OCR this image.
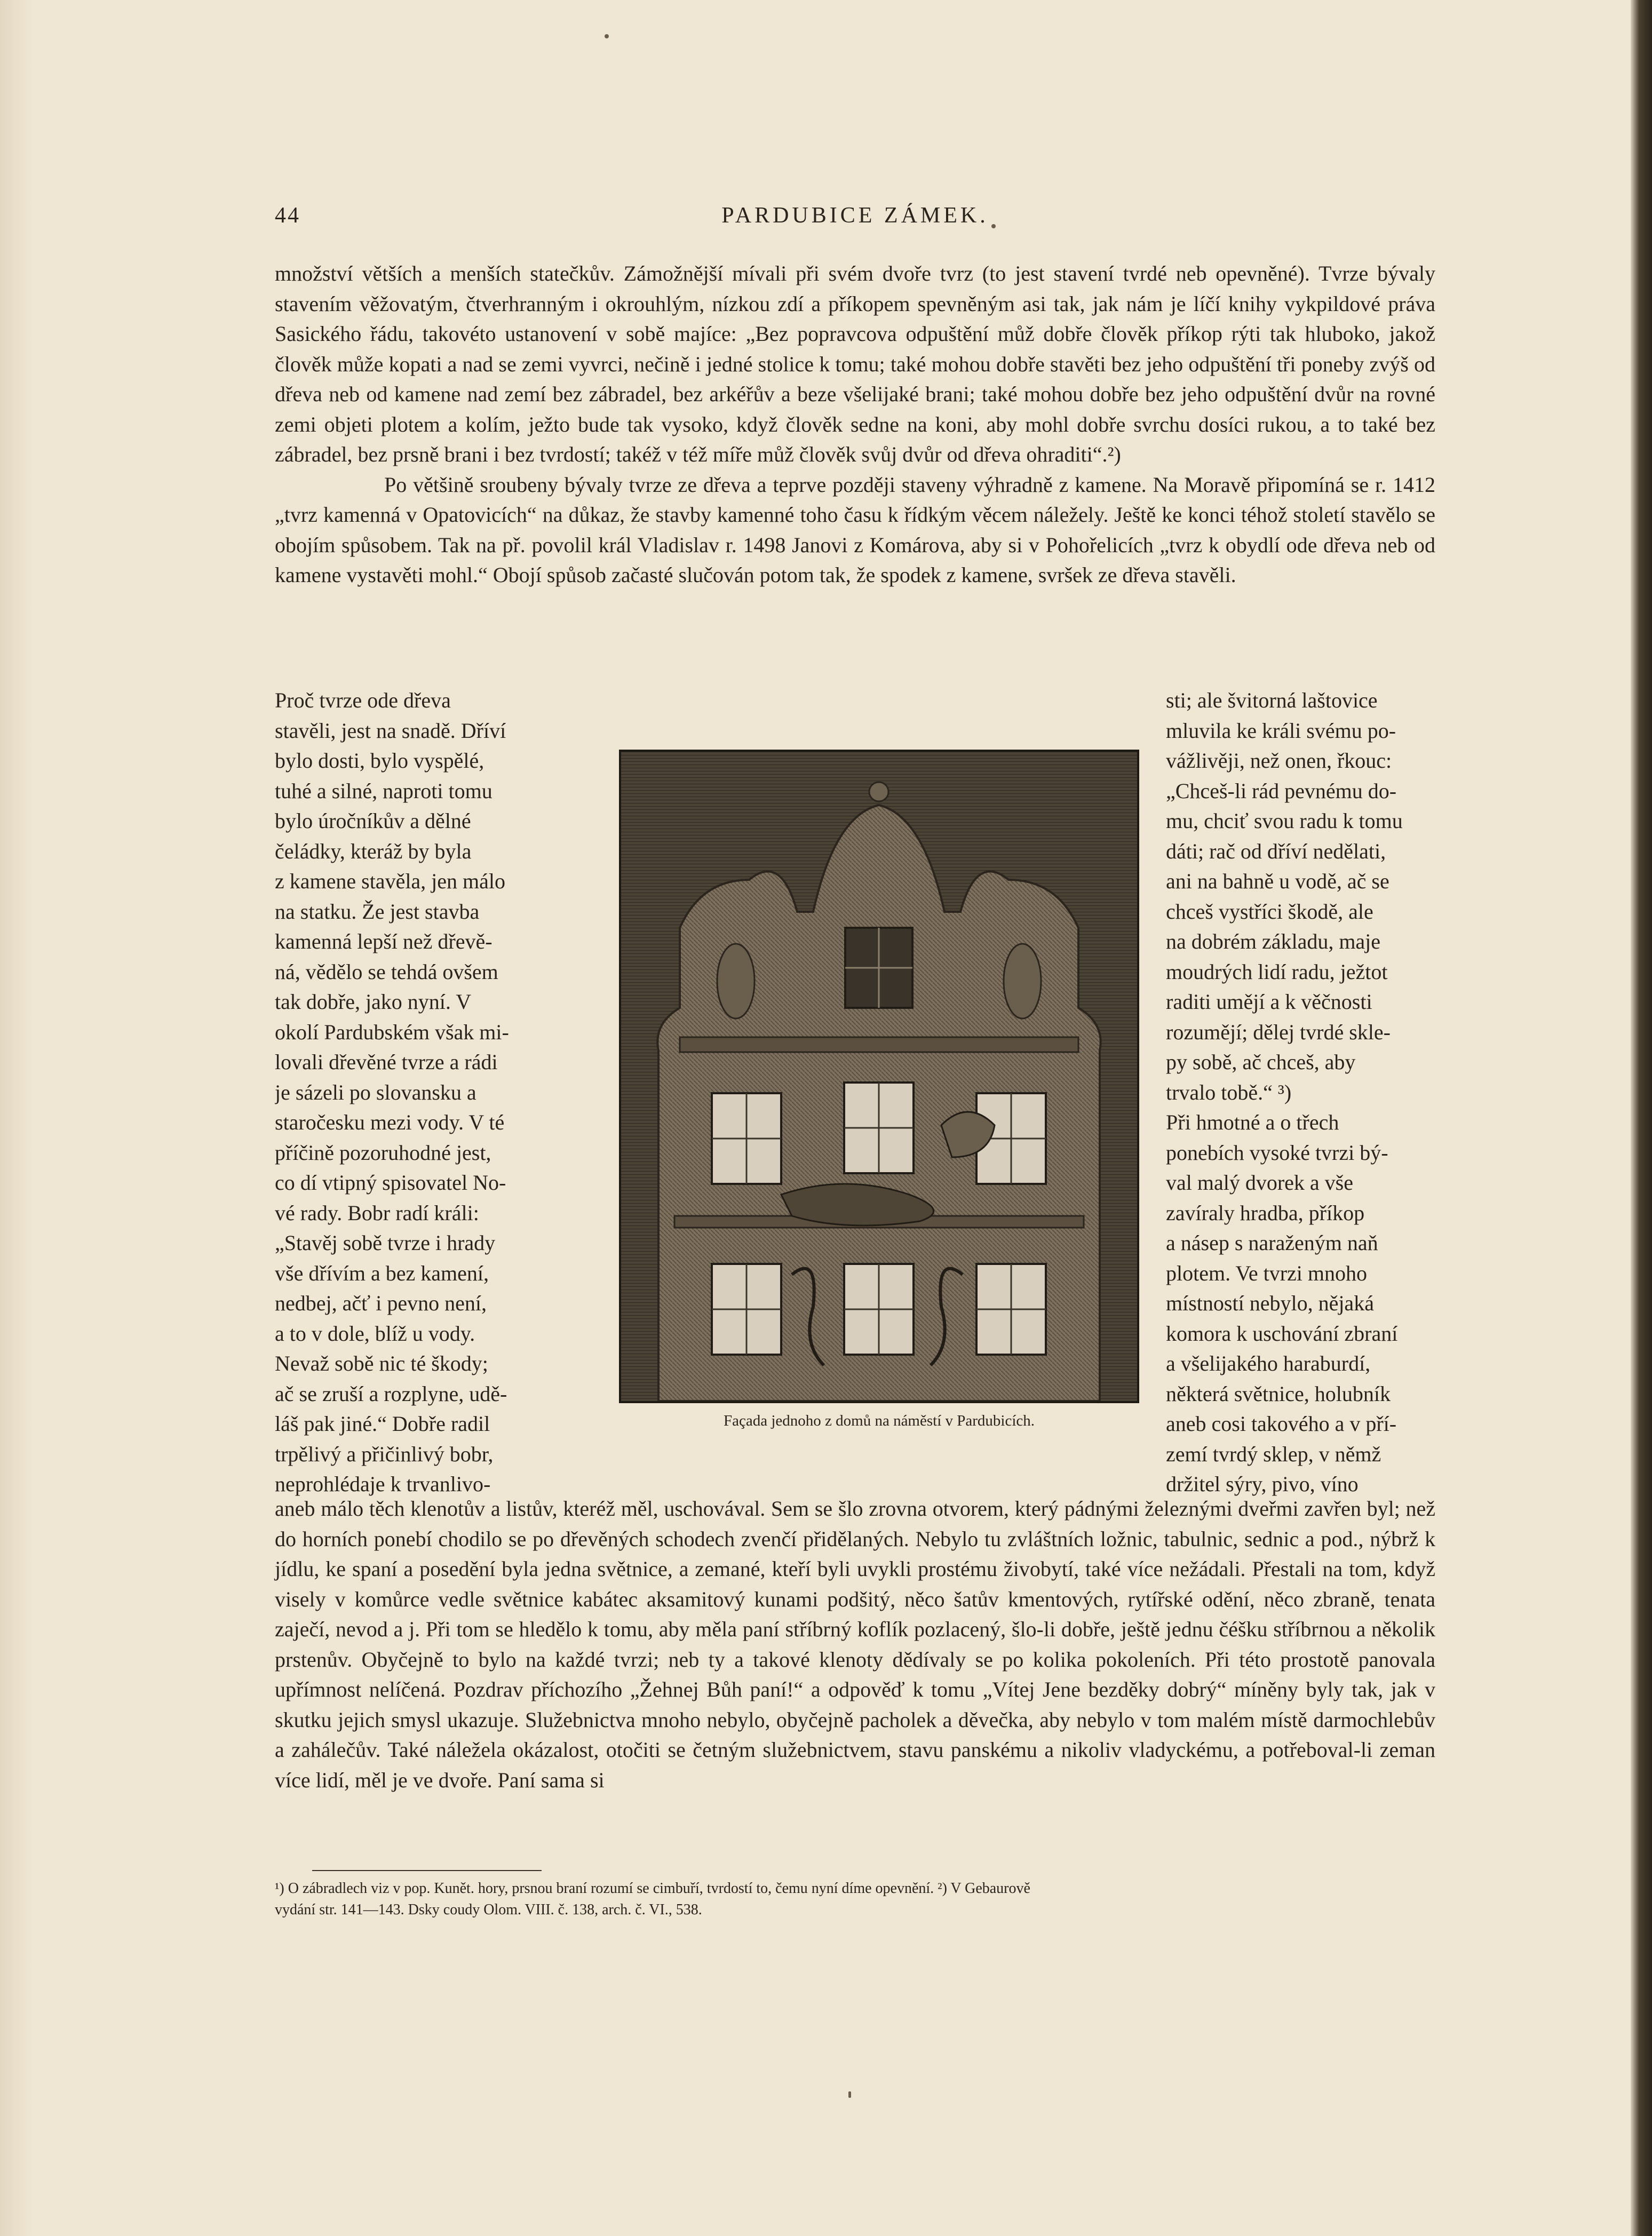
44	PARDUBICE ZÁMEK.

množství větších a menších statečkův. Zámožnější mívali při svém dvoře tvrz (to jest stavení tvrdé neb opevněné). Tvrze bývaly stavením věžovatým, čtverhranným i okrouhlým, nízkou zdí a příkopem spevněným asi tak, jak nám je líčí knihy vykpildové práva Sasického řádu, takovéto ustanovení v sobě majíce: „Bez popravcova odpuštění můž dobře člověk příkop rýti tak hluboko, jakož člověk může kopati a nad se zemi vyvrci, nečině i jedné stolice k tomu; také mohou dobře stavěti bez jeho odpuštění tři poneby zvýš od dřeva neb od kamene nad zemí bez zábradel, bez arkéřův a beze všelijaké brani; také mohou dobře bez jeho odpuštění dvůr na rovné zemi objeti plotem a kolím, ježto bude tak vysoko, když člověk sedne na koni, aby mohl dobře svrchu dosíci rukou, a to také bez zábradel, bez prsně brani i bez tvrdostí; takéž v též míře můž člověk svůj dvůr od dřeva ohraditi“.²)

Po většině sroubeny bývaly tvrze ze dřeva a teprve později staveny výhradně z kamene. Na Moravě připomíná se r. 1412 „tvrz kamenná v Opatovicích“ na důkaz, že stavby kamenné toho času k řídkým věcem náležely. Ještě ke konci téhož století stavělo se obojím spůsobem. Tak na př. povolil král Vladislav r. 1498 Janovi z Komárova, aby si v Pohořelicích „tvrz k obydlí ode dřeva neb od kamene vystavěti mohl.“ Obojí spůsob začasté slučován potom tak, že spodek z kamene, svršek ze dřeva stavěli.

Proč tvrze ode dřeva
stavěli, jest na snadě. Dříví
bylo dosti, bylo vyspělé,
tuhé a silné, naproti tomu
bylo úročníkův a dělné
čeládky, kteráž by byla
z kamene stavěla, jen málo
na statku. Že jest stavba
kamenná lepší než dřevě-
ná, vědělo se tehdá ovšem
tak dobře, jako nyní. V
okolí Pardubském však mi-
lovali dřevěné tvrze a rádi
je sázeli po slovansku a
staročesku mezi vody. V té
příčině pozoruhodné jest,
co dí vtipný spisovatel No-
vé rady. Bobr radí králi:
„Stavěj sobě tvrze i hrady
vše dřívím a bez kamení,
nedbej, ačť i pevno není,
a to v dole, blíž u vody.
Nevaž sobě nic té škody;
ač se zruší a rozplyne, udě-
láš pak jiné.“ Dobře radil
trpělivý a přičinlivý bobr,
neprohlédaje k trvanlivo-
sti; ale švitorná laštovice
mluvila ke králi svému po-
vážlivěji, než onen, řkouc:
„Chceš-li rád pevnému do-
mu, chciť svou radu k tomu
dáti; rač od dříví nedělati,
ani na bahně u vodě, ač se
chceš vystříci škodě, ale
na dobrém základu, maje
moudrých lidí radu, ježtot
raditi umějí a k věčnosti
rozumějí; dělej tvrdé skle-
py sobě, ač chceš, aby
trvalo tobě.“ ³)
Při hmotné a o třech
ponebích vysoké tvrzi bý-
val malý dvorek a vše
zavíraly hradba, příkop
a násep s naraženým naň
plotem. Ve tvrzi mnoho
místností nebylo, nějaká
komora k uschování zbraní
a všelijakého haraburdí,
některá světnice, holubník
aneb cosi takového a v pří-
zemí tvrdý sklep, v němž
držitel sýry, pivo, víno
Façada jednoho z domů na náměstí v Pardubicích.

aneb málo těch klenotův a listův, kteréž měl, uschovával. Sem se šlo zrovna otvorem, který pádnými železnými dveřmi zavřen byl; než do horních ponebí chodilo se po dřevěných schodech zvenčí přidělaných. Nebylo tu zvláštních ložnic, tabulnic, sednic a pod., nýbrž k jídlu, ke spaní a posedění byla jedna světnice, a zemané, kteří byli uvykli prostému živobytí, také více nežádali. Přestali na tom, když visely v komůrce vedle světnice kabátec aksamitový kunami podšitý, něco šatův kmentových, rytířské odění, něco zbraně, tenata zaječí, nevod a j. Při tom se hledělo k tomu, aby měla paní stříbrný koflík pozlacený, šlo-li dobře, ještě jednu čéšku stříbrnou a několik prstenův. Obyčejně to bylo na každé tvrzi; neb ty a takové klenoty dědívaly se po kolika pokoleních. Při této prostotě panovala upřímnost nelíčená. Pozdrav příchozího „Žehnej Bůh paní!“ a odpověď k tomu „Vítej Jene bezděky dobrý“ míněny byly tak, jak v skutku jejich smysl ukazuje. Služebnictva mnoho nebylo, obyčejně pacholek a děvečka, aby nebylo v tom malém místě darmochlebův a zahálečův. Také náležela okázalost, otočiti se četným služebnictvem, stavu panskému a nikoliv vladyckému, a potřeboval-li zeman více lidí, měl je ve dvoře. Paní sama si

¹) O zábradlech viz v pop. Kunět. hory, prsnou braní rozumí se cimbuří, tvrdostí to, čemu nyní díme opevnění. ²) V Gebaurově
vydání str. 141—143. Dsky coudy Olom. VIII. č. 138, arch. č. VI., 538.
